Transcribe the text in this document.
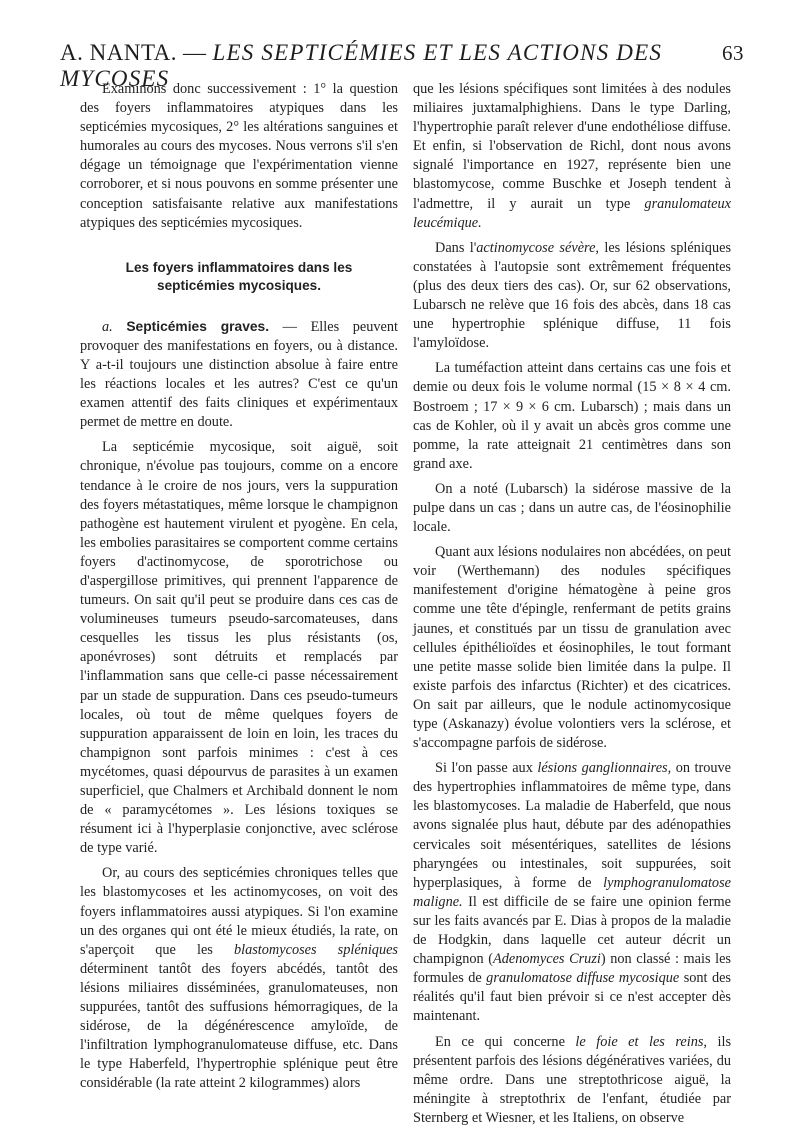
A. NANTA. — LES SEPTICÉMIES ET LES ACTIONS DES MYCOSES
63

Examinons donc successivement : 1° la question des foyers inflammatoires atypiques dans les septicémies mycosiques, 2° les altérations sanguines et humorales au cours des mycoses. Nous verrons s'il s'en dégage un témoignage que l'expérimentation vienne corroborer, et si nous pouvons en somme présenter une conception satisfaisante relative aux manifestations atypiques des septicémies mycosiques.

Les foyers inflammatoires dans les septicémies mycosiques.

a. Septicémies graves. — Elles peuvent provoquer des manifestations en foyers, ou à distance. Y a-t-il toujours une distinction absolue à faire entre les réactions locales et les autres? C'est ce qu'un examen attentif des faits cliniques et expérimentaux permet de mettre en doute.

La septicémie mycosique, soit aiguë, soit chronique, n'évolue pas toujours, comme on a encore tendance à le croire de nos jours, vers la suppuration des foyers métastatiques, même lorsque le champignon pathogène est hautement virulent et pyogène. En cela, les embolies parasitaires se comportent comme certains foyers d'actinomycose, de sporotrichose ou d'aspergillose primitives, qui prennent l'apparence de tumeurs. On sait qu'il peut se produire dans ces cas de volumineuses tumeurs pseudo-sarcomateuses, dans cesquelles les tissus les plus résistants (os, aponévroses) sont détruits et remplacés par l'inflammation sans que celle-ci passe nécessairement par un stade de suppuration. Dans ces pseudo-tumeurs locales, où tout de même quelques foyers de suppuration apparaissent de loin en loin, les traces du champignon sont parfois minimes : c'est à ces mycétomes, quasi dépourvus de parasites à un examen superficiel, que Chalmers et Archibald donnent le nom de « paramycétomes ». Les lésions toxiques se résument ici à l'hyperplasie conjonctive, avec sclérose de type varié.

Or, au cours des septicémies chroniques telles que les blastomycoses et les actinomycoses, on voit des foyers inflammatoires aussi atypiques. Si l'on examine un des organes qui ont été le mieux étudiés, la rate, on s'aperçoit que les blastomycoses spléniques déterminent tantôt des foyers abcédés, tantôt des lésions miliaires disséminées, granulomateuses, non suppurées, tantôt des suffusions hémorragiques, de la sidérose, de la dégénérescence amyloïde, de l'infiltration lymphogranulomateuse diffuse, etc. Dans le type Haberfeld, l'hypertrophie splénique peut être considérable (la rate atteint 2 kilogrammes) alors

que les lésions spécifiques sont limitées à des nodules miliaires juxtamalphighiens. Dans le type Darling, l'hypertrophie paraît relever d'une endothéliose diffuse. Et enfin, si l'observation de Richl, dont nous avons signalé l'importance en 1927, représente bien une blastomycose, comme Buschke et Joseph tendent à l'admettre, il y aurait un type granulomateux leucémique.

Dans l'actinomycose sévère, les lésions spléniques constatées à l'autopsie sont extrêmement fréquentes (plus des deux tiers des cas). Or, sur 62 observations, Lubarsch ne relève que 16 fois des abcès, dans 18 cas une hypertrophie splénique diffuse, 11 fois l'amyloïdose.

La tuméfaction atteint dans certains cas une fois et demie ou deux fois le volume normal (15 × 8 × 4 cm. Bostroem ; 17 × 9 × 6 cm. Lubarsch) ; mais dans un cas de Kohler, où il y avait un abcès gros comme une pomme, la rate atteignait 21 centimètres dans son grand axe.

On a noté (Lubarsch) la sidérose massive de la pulpe dans un cas ; dans un autre cas, de l'éosinophilie locale.

Quant aux lésions nodulaires non abcédées, on peut voir (Werthemann) des nodules spécifiques manifestement d'origine hématogène à peine gros comme une tête d'épingle, renfermant de petits grains jaunes, et constitués par un tissu de granulation avec cellules épithélioïdes et éosinophiles, le tout formant une petite masse solide bien limitée dans la pulpe. Il existe parfois des infarctus (Richter) et des cicatrices. On sait par ailleurs, que le nodule actinomycosique type (Askanazy) évolue volontiers vers la sclérose, et s'accompagne parfois de sidérose.

Si l'on passe aux lésions ganglionnaires, on trouve des hypertrophies inflammatoires de même type, dans les blastomycoses. La maladie de Haberfeld, que nous avons signalée plus haut, débute par des adénopathies cervicales soit mésentériques, satellites de lésions pharyngées ou intestinales, soit suppurées, soit hyperplasiques, à forme de lymphogranulomatose maligne. Il est difficile de se faire une opinion ferme sur les faits avancés par E. Dias à propos de la maladie de Hodgkin, dans laquelle cet auteur décrit un champignon (Adenomyces Cruzi) non classé : mais les formules de granulomatose diffuse mycosique sont des réalités qu'il faut bien prévoir si ce n'est accepter dès maintenant.

En ce qui concerne le foie et les reins, ils présentent parfois des lésions dégénératives variées, du même ordre. Dans une streptothricose aiguë, la méningite à streptothrix de l'enfant, étudiée par Sternberg et Wiesner, et les Italiens, on observe
